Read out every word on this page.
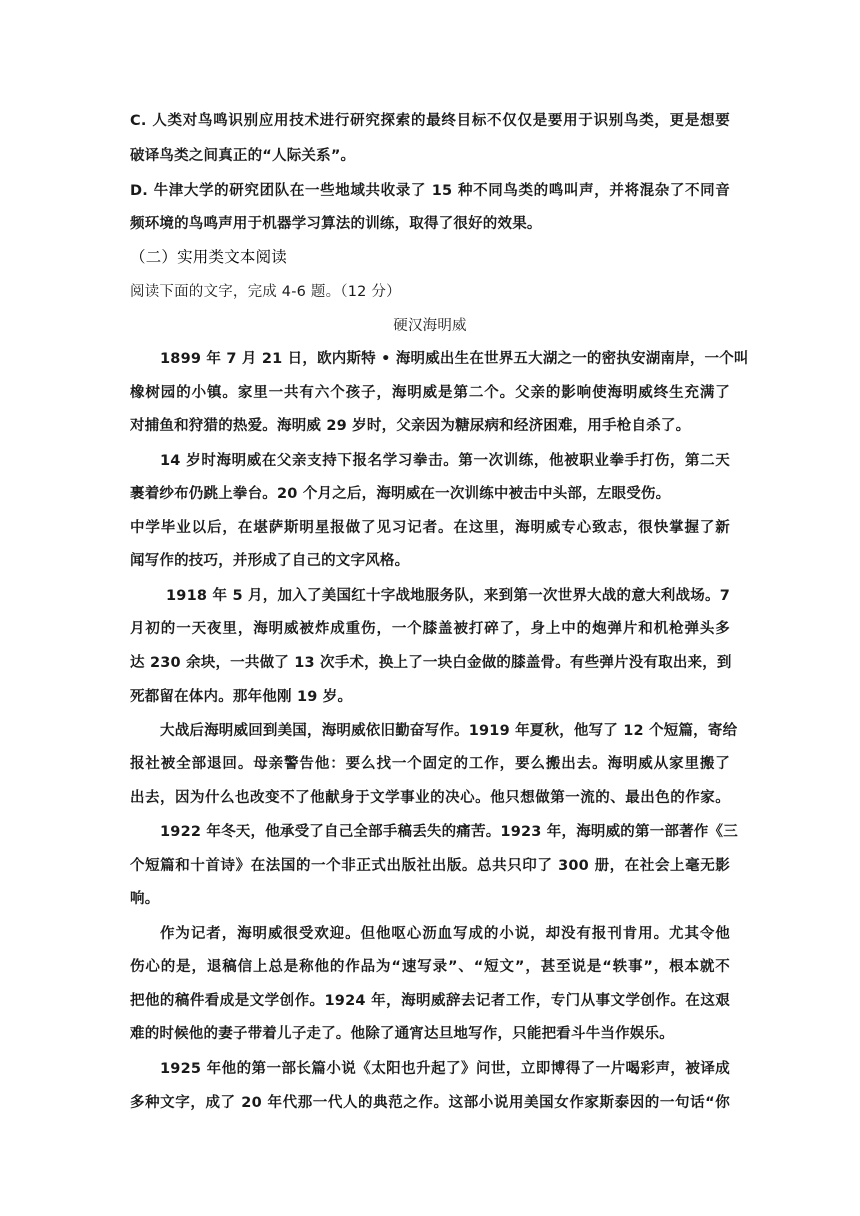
C. 人类对鸟鸣识别应用技术进行研究探索的最终目标不仅仅是要用于识别鸟类，更是想要
破译鸟类之间真正的“人际关系”。
D. 牛津大学的研究团队在一些地域共收录了 15 种不同鸟类的鸣叫声，并将混杂了不同音
频环境的鸟鸣声用于机器学习算法的训练，取得了很好的效果。
（二）实用类文本阅读
阅读下面的文字，完成 4-6 题。（12 分）
硬汉海明威
1899 年 7 月 21 日，欧内斯特 • 海明威出生在世界五大湖之一的密执安湖南岸，一个叫
橡树园的小镇。家里一共有六个孩子，海明威是第二个。父亲的影响使海明威终生充满了
对捕鱼和狩猎的热爱。海明威 29 岁时，父亲因为糖尿病和经济困难，用手枪自杀了。
14 岁时海明威在父亲支持下报名学习拳击。第一次训练，他被职业拳手打伤，第二天
裹着纱布仍跳上拳台。20 个月之后，海明威在一次训练中被击中头部，左眼受伤。
中学毕业以后，在堪萨斯明星报做了见习记者。在这里，海明威专心致志，很快掌握了新
闻写作的技巧，并形成了自己的文字风格。
1918 年 5 月，加入了美国红十字战地服务队，来到第一次世界大战的意大利战场。7
月初的一天夜里，海明威被炸成重伤，一个膝盖被打碎了，身上中的炮弹片和机枪弹头多
达 230 余块，一共做了 13 次手术，换上了一块白金做的膝盖骨。有些弹片没有取出来，到
死都留在体内。那年他刚 19 岁。
大战后海明威回到美国，海明威依旧勤奋写作。1919 年夏秋，他写了 12 个短篇，寄给
报社被全部退回。母亲警告他：要么找一个固定的工作，要么搬出去。海明威从家里搬了
出去，因为什么也改变不了他献身于文学事业的决心。他只想做第一流的、最出色的作家。
1922 年冬天，他承受了自己全部手稿丢失的痛苦。1923 年，海明威的第一部著作《三
个短篇和十首诗》在法国的一个非正式出版社出版。总共只印了 300 册，在社会上毫无影
响。
作为记者，海明威很受欢迎。但他呕心沥血写成的小说，却没有报刊肯用。尤其令他
伤心的是，退稿信上总是称他的作品为“速写录”、“短文”，甚至说是“轶事”，根本就不
把他的稿件看成是文学创作。1924 年，海明威辞去记者工作，专门从事文学创作。在这艰
难的时候他的妻子带着儿子走了。他除了通宵达旦地写作，只能把看斗牛当作娱乐。
1925 年他的第一部长篇小说《太阳也升起了》问世，立即博得了一片喝彩声，被译成
多种文字，成了 20 年代那一代人的典范之作。这部小说用美国女作家斯泰因的一句话“你
